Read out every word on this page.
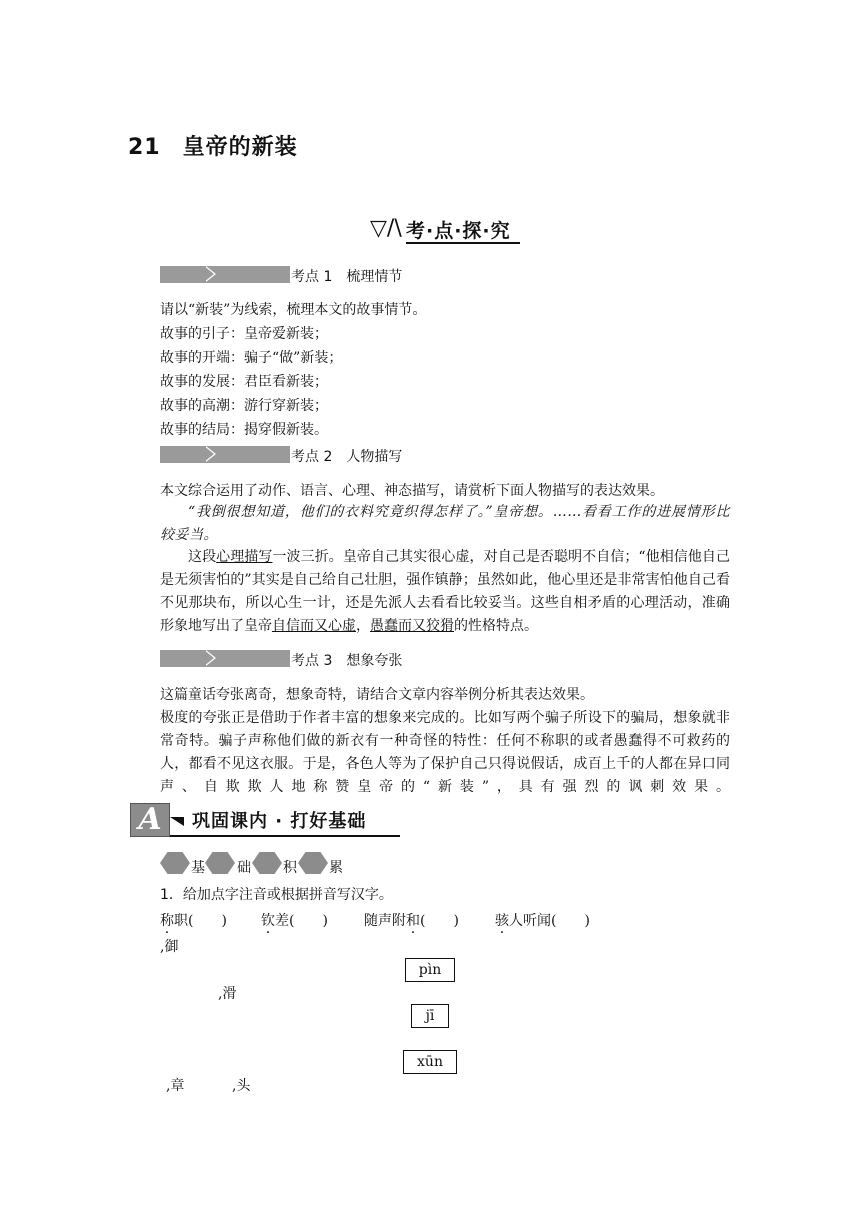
21 皇帝的新装
▽/\ 考·点·探·究
考点 1　梳理情节
请以“新装”为线索，梳理本文的故事情节。
故事的引子：皇帝爱新装；
故事的开端：骗子“做”新装；
故事的发展：君臣看新装；
故事的高潮：游行穿新装；
故事的结局：揭穿假新装。
考点 2　人物描写
本文综合运用了动作、语言、心理、神态描写，请赏析下面人物描写的表达效果。
“我倒很想知道，他们的衣料究竟织得怎样了。”皇帝想。……看看工作的进展情形比较妥当。
这段心理描写一波三折。皇帝自己其实很心虚，对自己是否聪明不自信；“他相信他自己是无须害怕的”其实是自己给自己壮胆，强作镇静；虽然如此，他心里还是非常害怕他自己看不见那块布，所以心生一计，还是先派人去看看比较妥当。这些自相矛盾的心理活动，准确形象地写出了皇帝自信而又心虚，愚蠢而又狡猾的性格特点。
考点 3　想象夸张
这篇童话夸张离奇，想象奇特，请结合文章内容举例分析其表达效果。
极度的夸张正是借助于作者丰富的想象来完成的。比如写两个骗子所设下的骗局，想象就非常奇特。骗子声称他们做的新衣有一种奇怪的特性：任何不称职的或者愚蠢得不可救药的人，都看不见这衣服。于是，各色人等为了保护自己只得说假话，成百上千的人都在异口同声、自欺欺人地称赞皇帝的“新装”，具有强烈的讽刺效果。
A	巩固课内 · 打好基础
基 础 积 累
1．给加点字注音或根据拼音写汉字。
称职(　　) 钦差(　　)	随声附和(　　)	骇人听闻(　　)
,御
pìn
,滑
jī
xūn
,章	,头
